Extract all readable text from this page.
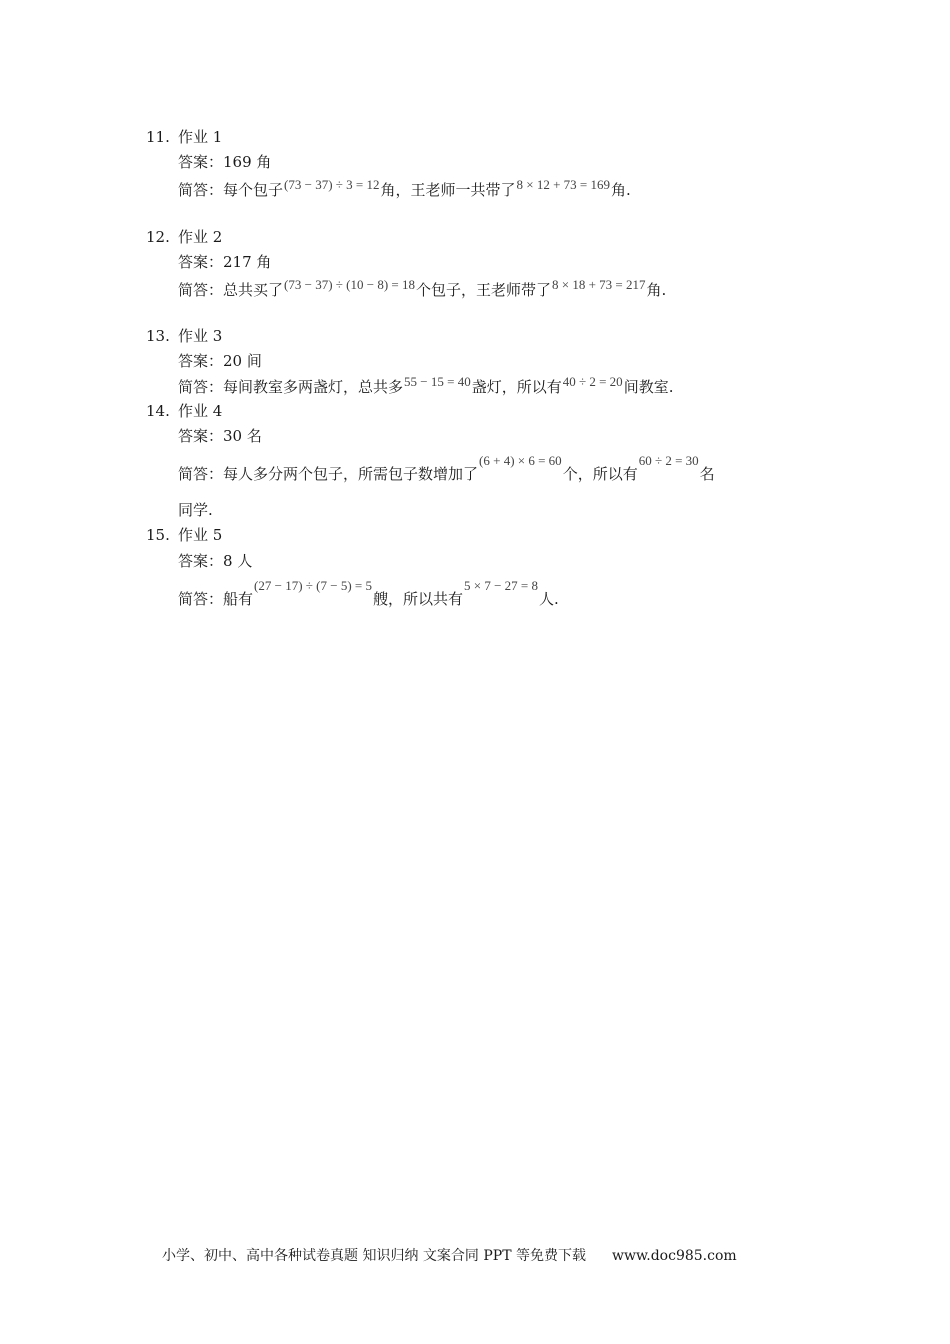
11. 作业 1
答案：169 角
简答：每个包子(73 − 37) ÷ 3 = 12角，王老师一共带了8 × 12 + 73 = 169角.
12. 作业 2
答案：217 角
简答：总共买了(73 − 37) ÷ (10 − 8) = 18个包子，王老师带了8 × 18 + 73 = 217角.
13. 作业 3
答案：20 间
简答：每间教室多两盏灯，总共多55 − 15 = 40盏灯，所以有40 ÷ 2 = 20间教室.
14. 作业 4
答案：30 名
简答：每人多分两个包子，所需包子数增加了(6 + 4) × 6 = 60个，所以有60 ÷ 2 = 30名
同学.
15. 作业 5
答案：8 人
简答：船有(27 − 17) ÷ (7 − 5) = 5艘，所以共有5 × 7 − 27 = 8人.
小学、初中、高中各种试卷真题 知识归纳 文案合同 PPT 等免费下载 www.doc985.com
